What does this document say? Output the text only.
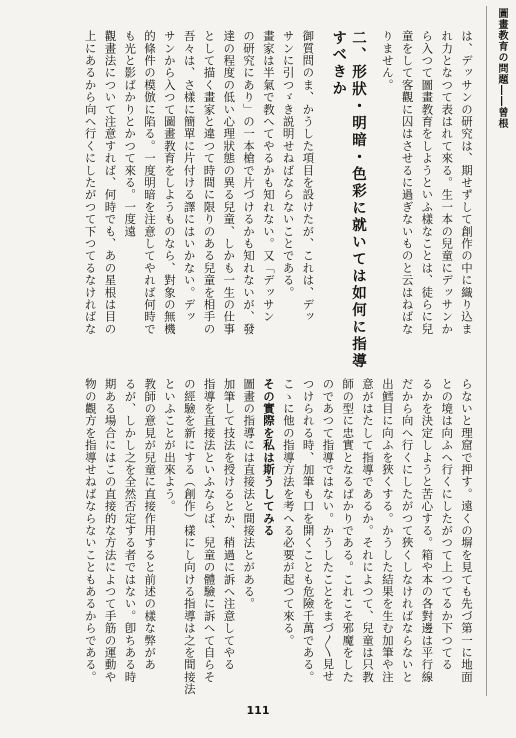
圖畫教育の問題――曾根

は、デッサンの研究は、期せずして創作の中に織り込ま

れ力となつて表はれて來る。生一本の兒童にデッサンか

ら入つて圖畫教育をしようといふ樣なことは、徒らに兒

童をして客觀に囚はさせるに過ぎないものと云はねばな

りません。

二、形狀・明暗・色彩に就いては如何に指導すべきか

御質問のま、かうした項目を設けたが、これは、デッ

サンに引つゞき説明せねばならないことである。

畫家は半氣で教へてやるかも知れない。又「デッサン

の研究にあり」の一本槍で片づけるかも知れないが、發

達の程度の低い心理狀態の異る兒童、しかも一生の仕事

として描く畫家と違つて時間に限りのある兒童を相手の

吾々は、さ樣に簡單に片付ける譯にはいかない。デッ

サンから入つて圖畫教育をしようものなら、對象の無機

的條件の模倣に陷る。一度明暗を注意してやれば何時で

も光と影ばかりとかつて來る。一度遠

觀畫法について注意すれば、何時でも、あの星根は目の

上にあるから向へ行くにしたがつて下つてるなければな

らないと理窟で押す。遠くの塀を見ても先づ第一に地面

との境は向ふへ行くにしたがつて上つてるか下つてる

るかを決定しようと苦心する。箱や本の各對邊は平行線

だから向へ行くにしたがつて狹くしなければならないと

出鱈目に向ふを狹くする。かうした結果を生む加筆や注

意がはたして指導であるか。それによつて、兒童は只教

師の型に忠實となるばかりである。これこそ邪魔をした

のであつて指導ではない。かうしたことをまづ〳〵見せ

つけられる時、加筆も口を開くことも危險千萬である。

こゝに他の指導方法を考へる必要が起つて來る。

その實際を私は斯うしてみる

圖畫の指導には直接法と間接法とがある。

加筆して技法を授けるとか、稍過に訴へ注意してやる

指導を直接法といふならば、兒童の體驗に訴へて自らそ

の經驗を新にする（創作）樣にし向ける指導は之を間接法

といふことが出來よう。

教師の意見が兒童に直接作用すると前述の樣な弊があ

るが、しかし之を全然否定する者ではない。卽ちある時

期ある場合にはこの直接的な方法によつて手筋の運動や

物の觀方を指導せねばならないこともあるからである。

111
